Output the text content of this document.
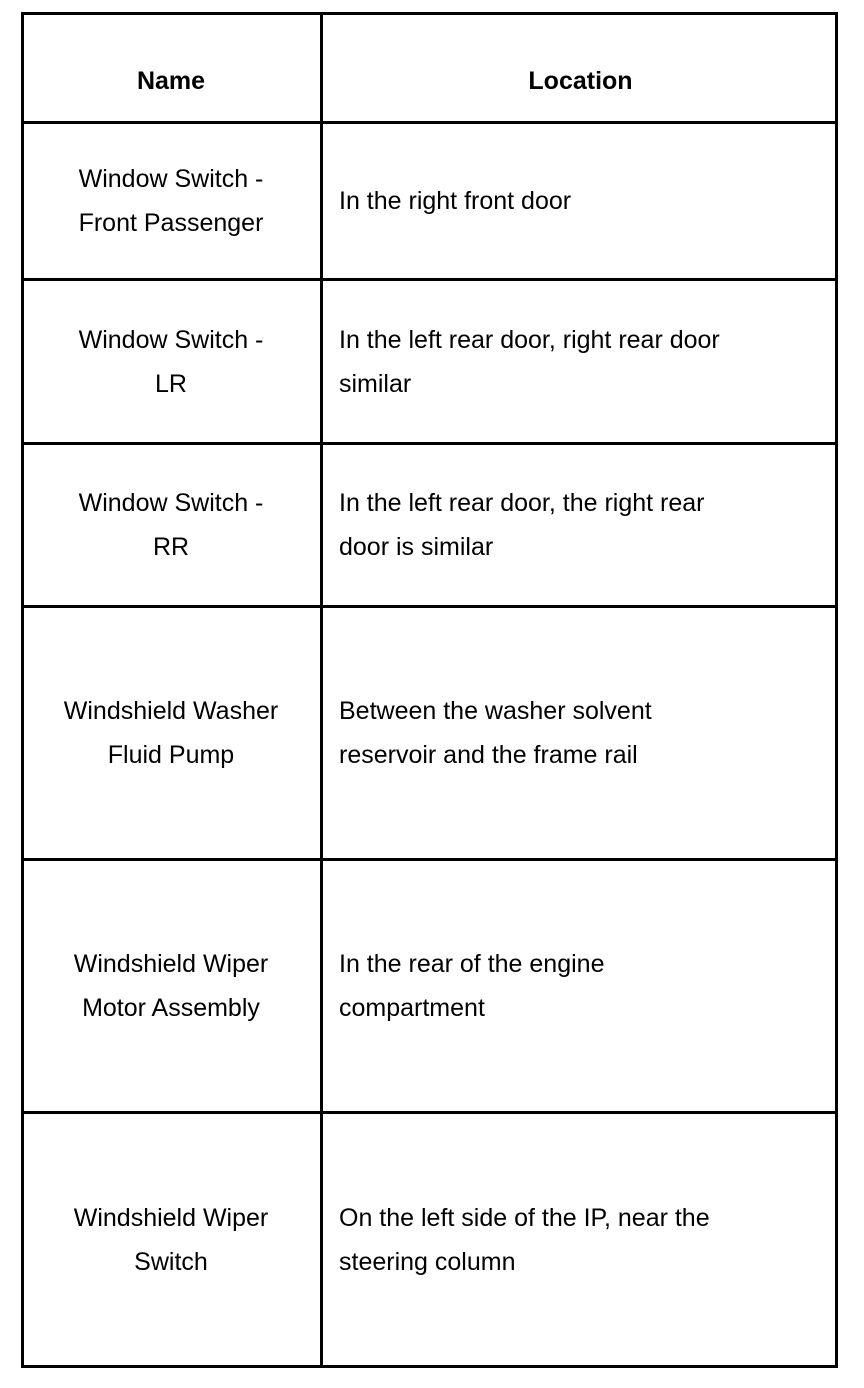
Name	Location
Window Switch -
Front Passenger
In the right front door
Window Switch -
LR
In the left rear door, right rear door
similar
Window Switch -
RR
In the left rear door, the right rear
door is similar
Windshield Washer
Fluid Pump
Between the washer solvent
reservoir and the frame rail
Windshield Wiper
Motor Assembly
In the rear of the engine
compartment
Windshield Wiper
Switch
On the left side of the IP, near the
steering column
